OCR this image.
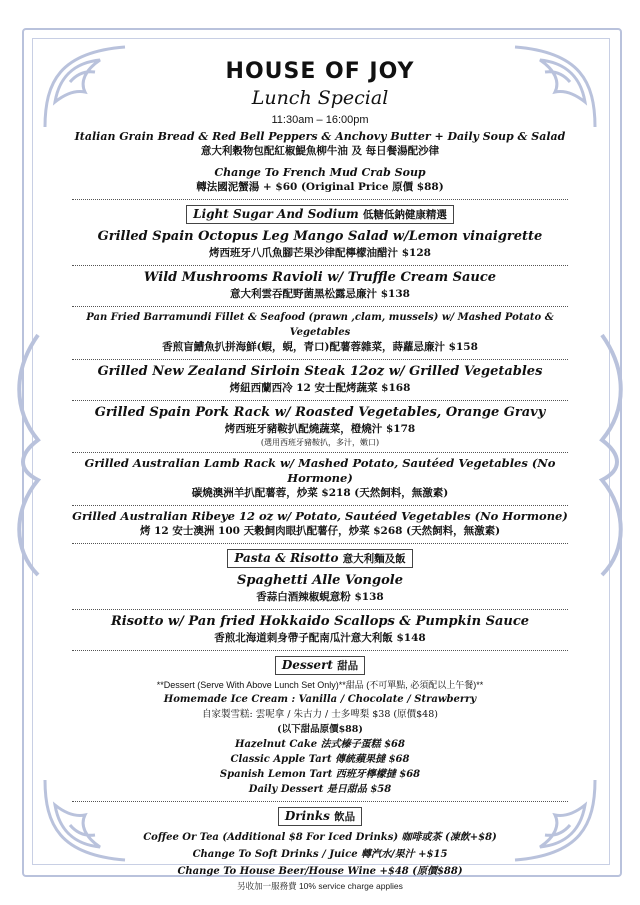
HOUSE OF JOY
Lunch Special
11:30am – 16:00pm
Italian Grain Bread & Red Bell Peppers & Anchovy Butter + Daily Soup & Salad
意大利穀物包配紅椒鯷魚柳牛油 及 每日餐湯配沙律
Change To French Mud Crab Soup
轉法國泥蟹湯 + $60 (Original Price 原價 $88)
Light Sugar And Sodium 低糖低鈉健康精選
Grilled Spain Octopus Leg Mango Salad w/Lemon vinaigrette
烤西班牙八爪魚腳芒果沙律配檸檬油醋汁 $128
Wild Mushrooms Ravioli w/ Truffle Cream Sauce
意大利雲吞配野菌黑松露忌廉汁 $138
Pan Fried Barramundi Fillet & Seafood (prawn ,clam, mussels) w/ Mashed Potato & Vegetables
香煎盲鰽魚扒拼海鮮(蝦，蜆，青口)配薯蓉雜菜，蒔蘿忌廉汁 $158
Grilled New Zealand Sirloin Steak 12oz w/ Grilled Vegetables
烤紐西蘭西冷 12 安士配烤蔬菜 $168
Grilled Spain Pork Rack w/ Roasted Vegetables, Orange Gravy
烤西班牙豬鞍扒配燒蔬菜，橙燒汁 $178
(選用西班牙豬鞍扒，多汁，嫩口)
Grilled Australian Lamb Rack w/ Mashed Potato, Sautéed Vegetables (No Hormone)
碳燒澳洲羊扒配薯蓉，炒菜 $218 (天然飼料，無激素)
Grilled Australian Ribeye 12 oz w/ Potato, Sautéed Vegetables (No Hormone)
烤 12 安士澳洲 100 天穀飼肉眼扒配薯仔，炒菜 $268 (天然飼料，無激素)
Pasta & Risotto 意大利麵及飯
Spaghetti Alle Vongole
香蒜白酒辣椒蜆意粉 $138
Risotto w/ Pan fried Hokkaido Scallops & Pumpkin Sauce
香煎北海道刺身帶子配南瓜汁意大利飯 $148
Dessert 甜品
**Dessert (Serve With Above Lunch Set Only)**甜品 (不可單點, 必須配以上午餐)**
Homemade Ice Cream : Vanilla / Chocolate / Strawberry
自家製雪糕: 雲呢拿 / 朱古力 / 士多啤梨 $38 (原價$48)
(以下甜品原價$88)
Hazelnut Cake 法式榛子蛋糕 $68
Classic Apple Tart 傳統蘋果撻 $68
Spanish Lemon Tart 西班牙檸檬撻 $68
Daily Dessert 是日甜品 $58
Drinks 飲品
Coffee Or Tea (Additional $8 For Iced Drinks) 咖啡或茶 (凍飲+$8)
Change To Soft Drinks / Juice 轉汽水/果汁 +$15
Change To House Beer/House Wine +$48 (原價$88)
另收加一服務費 10% service charge applies
